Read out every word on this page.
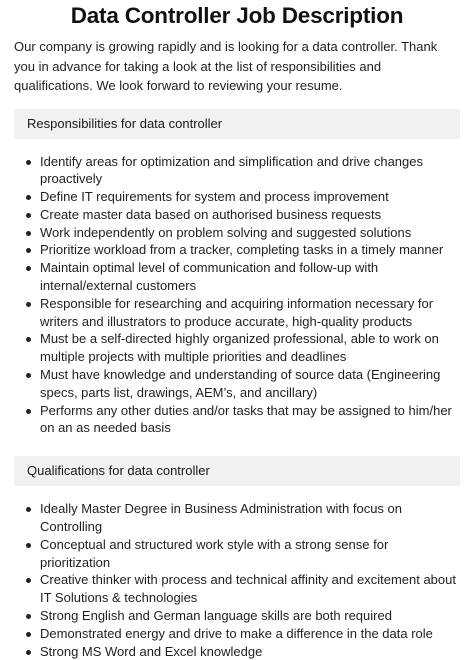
Data Controller Job Description

Our company is growing rapidly and is looking for a data controller. Thank you in advance for taking a look at the list of responsibilities and qualifications. We look forward to reviewing your resume.

Responsibilities for data controller
Identify areas for optimization and simplification and drive changes proactively
Define IT requirements for system and process improvement
Create master data based on authorised business requests
Work independently on problem solving and suggested solutions
Prioritize workload from a tracker, completing tasks in a timely manner
Maintain optimal level of communication and follow-up with internal/external customers
Responsible for researching and acquiring information necessary for writers and illustrators to produce accurate, high-quality products
Must be a self-directed highly organized professional, able to work on multiple projects with multiple priorities and deadlines
Must have knowledge and understanding of source data (Engineering specs, parts list, drawings, AEM’s, and ancillary)
Performs any other duties and/or tasks that may be assigned to him/her on an as needed basis
Qualifications for data controller
Ideally Master Degree in Business Administration with focus on Controlling
Conceptual and structured work style with a strong sense for prioritization
Creative thinker with process and technical affinity and excitement about IT Solutions & technologies
Strong English and German language skills are both required
Demonstrated energy and drive to make a difference in the data role
Strong MS Word and Excel knowledge
